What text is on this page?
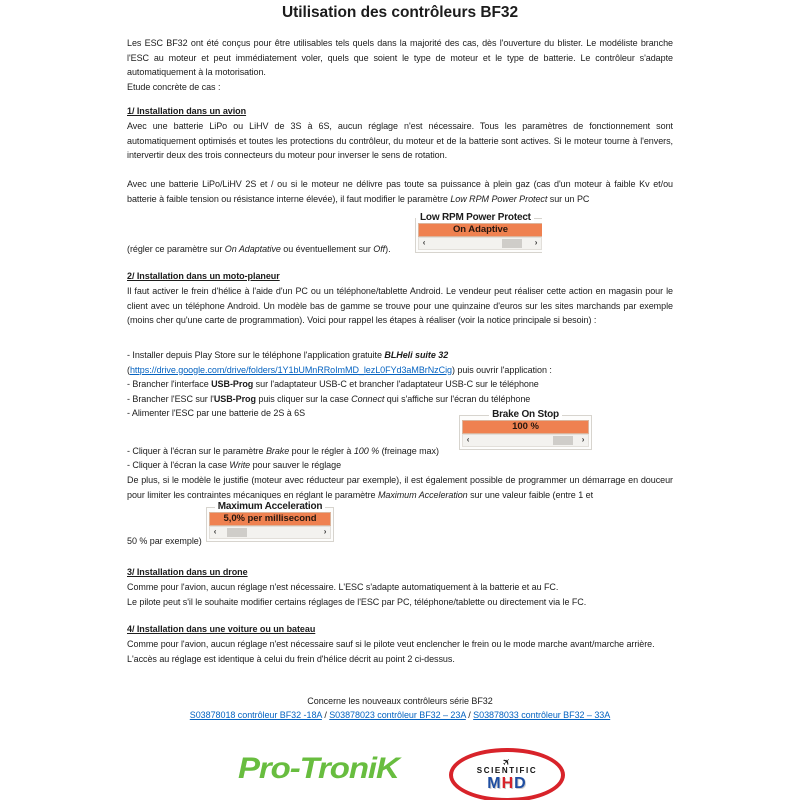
Utilisation des contrôleurs BF32
Les ESC BF32 ont été conçus pour être utilisables tels quels dans la majorité des cas, dès l'ouverture du blister. Le modéliste branche l'ESC au moteur et peut immédiatement voler, quels que soient le type de moteur et le type de batterie. Le contrôleur s'adapte automatiquement à la motorisation.
Etude concrète de cas :
1/ Installation dans un avion
Avec une batterie LiPo ou LiHV de 3S à 6S, aucun réglage n'est nécessaire. Tous les paramètres de fonctionnement sont automatiquement optimisés et toutes les protections du contrôleur, du moteur et de la batterie sont actives. Si le moteur tourne à l'envers, intervertir deux des trois connecteurs du moteur pour inverser le sens de rotation.
Avec une batterie LiPo/LiHV 2S et / ou si le moteur ne délivre pas toute sa puissance à plein gaz (cas d'un moteur à faible Kv et/ou batterie à faible tension ou résistance interne élevée), il faut modifier le paramètre Low RPM Power Protect sur un PC
Low RPM Power Protect
On Adaptive
‹	›
(régler ce paramètre sur On Adaptative ou éventuellement sur Off).
2/ Installation dans un moto-planeur
Il faut activer le frein d'hélice à l'aide d'un PC ou un téléphone/tablette Android. Le vendeur peut réaliser cette action en magasin pour le client avec un téléphone Android. Un modèle bas de gamme se trouve pour une quinzaine d'euros sur les sites marchands par exemple (moins cher qu'une carte de programmation). Voici pour rappel les étapes à réaliser (voir la notice principale si besoin) :
- Installer depuis Play Store sur le téléphone l'application gratuite BLHeli suite 32
(https://drive.google.com/drive/folders/1Y1bUMnRRoImMD_lezL0FYd3aMBrNzCig) puis ouvrir l'application :
- Brancher l'interface USB-Prog sur l'adaptateur USB-C et brancher l'adaptateur USB-C sur le téléphone
- Brancher l'ESC sur l'USB-Prog puis cliquer sur la case Connect qui s'affiche sur l'écran du téléphone
- Alimenter l'ESC par une batterie de 2S à 6S	Brake On Stop
100 %
‹	›
- Cliquer à l'écran sur le paramètre Brake pour le régler à 100 % (freinage max)
- Cliquer à l'écran la case Write pour sauver le réglage
De plus, si le modèle le justifie (moteur avec réducteur par exemple), il est également possible de programmer un démarrage en douceur pour limiter les contraintes mécaniques en réglant le paramètre Maximum Acceleration sur une valeur faible (entre 1 et
Maximum Acceleration
5,0% per millisecond
‹	›
50 % par exemple)
3/ Installation dans un drone
Comme pour l'avion, aucun réglage n'est nécessaire. L'ESC s'adapte automatiquement à la batterie et au FC.
Le pilote peut s'il le souhaite modifier certains réglages de l'ESC par PC, téléphone/tablette ou directement via le FC.
4/ Installation dans une voiture ou un bateau
Comme pour l'avion, aucun réglage n'est nécessaire sauf si le pilote veut enclencher le frein ou le mode marche avant/marche arrière.
L'accès au réglage est identique à celui du frein d'hélice décrit au point 2 ci-dessus.
Concerne les nouveaux contrôleurs série BF32
S03878018 contrôleur BF32 -18A / S03878023 contrôleur BF32 – 23A / S03878033 contrôleur BF32 – 33A
Pro-TroniK	✈
SCIENTIFIC
MHD
